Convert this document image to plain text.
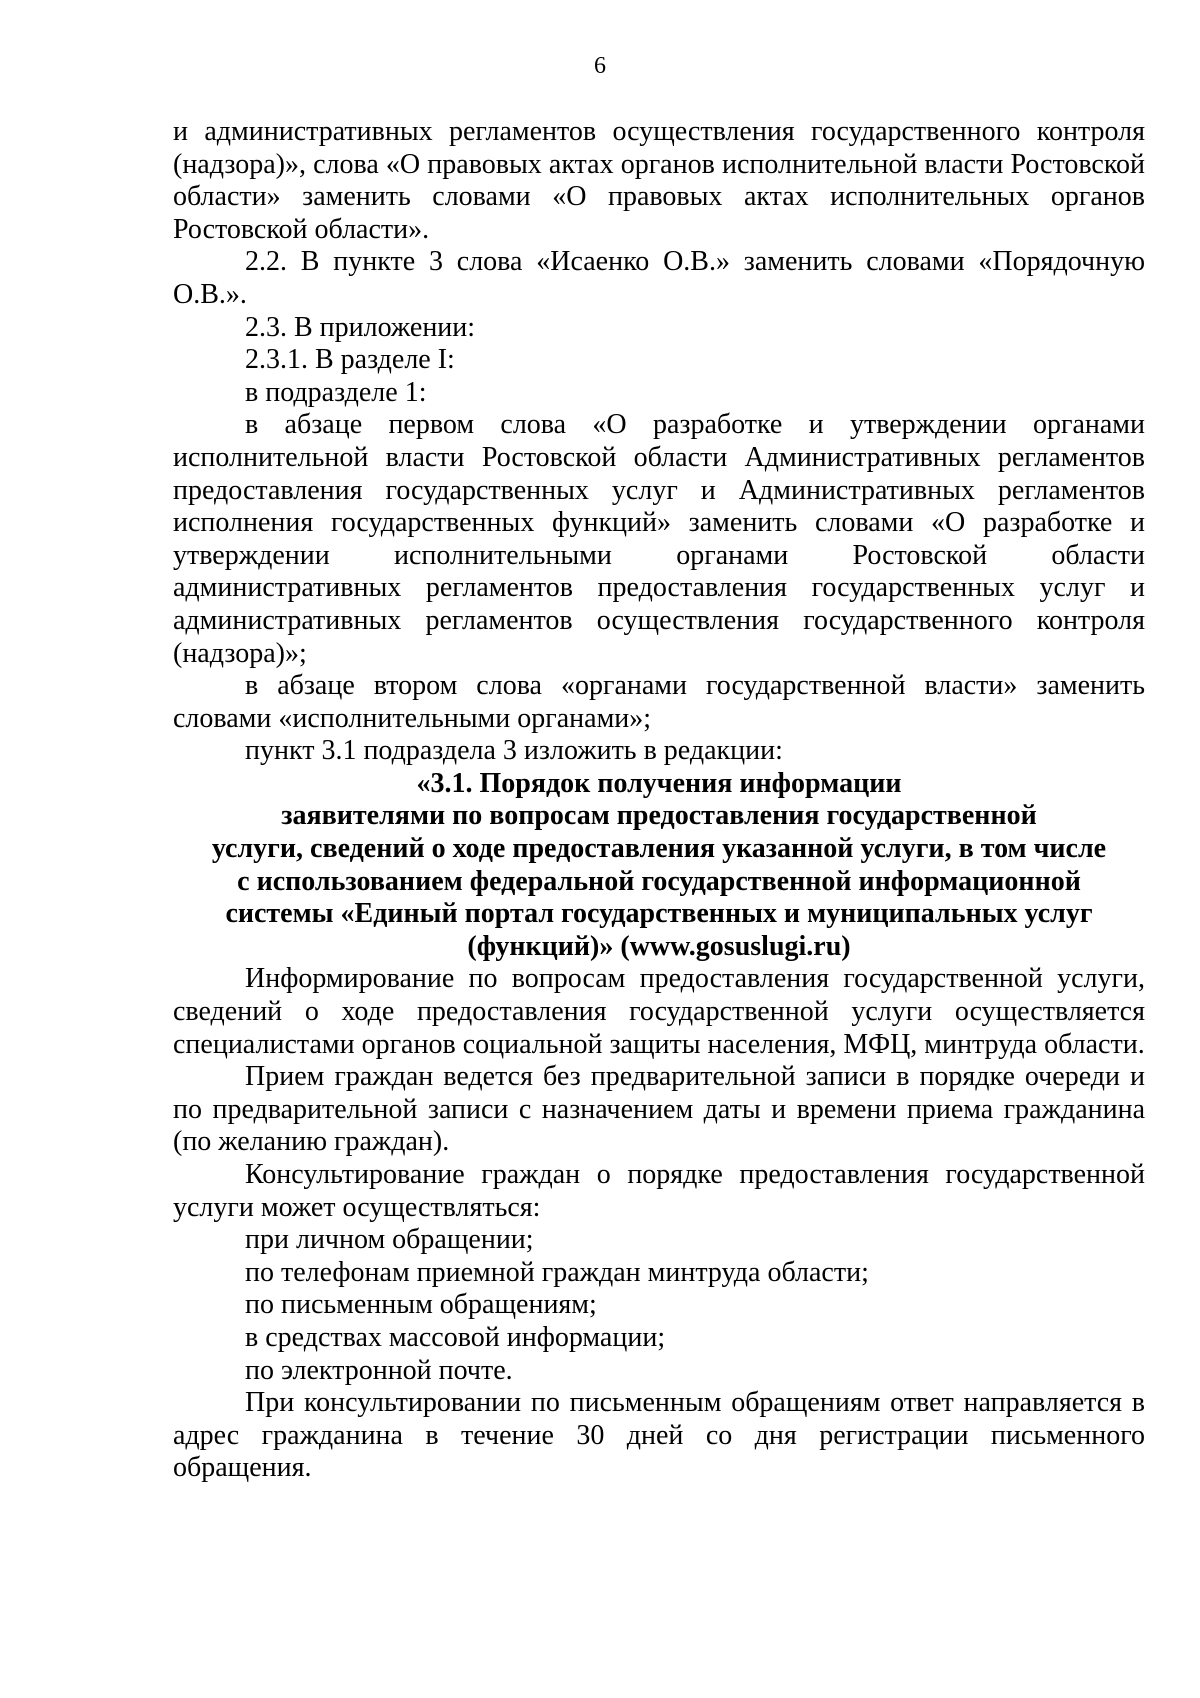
6

и административных регламентов осуществления государственного контроля (надзора)», слова «О правовых актах органов исполнительной власти Ростовской области» заменить словами «О правовых актах исполнительных органов Ростовской области».

2.2. В пункте 3 слова «Исаенко О.В.» заменить словами «Порядочную О.В.».

2.3. В приложении:

2.3.1. В разделе I:

в подразделе 1:

в абзаце первом слова «О разработке и утверждении органами исполнительной власти Ростовской области Административных регламентов предоставления государственных услуг и Административных регламентов исполнения государственных функций» заменить словами «О разработке и утверждении исполнительными органами Ростовской области административных регламентов предоставления государственных услуг и административных регламентов осуществления государственного контроля (надзора)»;

в абзаце втором слова «органами государственной власти» заменить словами «исполнительными органами»;

пункт 3.1 подраздела 3 изложить в редакции:

«3.1. Порядок получения информации

заявителями по вопросам предоставления государственной

услуги, сведений о ходе предоставления указанной услуги, в том числе

с использованием федеральной государственной информационной

системы «Единый портал государственных и муниципальных услуг

(функций)» (www.gosuslugi.ru)

Информирование по вопросам предоставления государственной услуги, сведений о ходе предоставления государственной услуги осуществляется специалистами органов социальной защиты населения, МФЦ, минтруда области.

Прием граждан ведется без предварительной записи в порядке очереди и по предварительной записи с назначением даты и времени приема гражданина (по желанию граждан).

Консультирование граждан о порядке предоставления государственной услуги может осуществляться:

при личном обращении;

по телефонам приемной граждан минтруда области;

по письменным обращениям;

в средствах массовой информации;

по электронной почте.

При консультировании по письменным обращениям ответ направляется в адрес гражданина в течение 30 дней со дня регистрации письменного обращения.
